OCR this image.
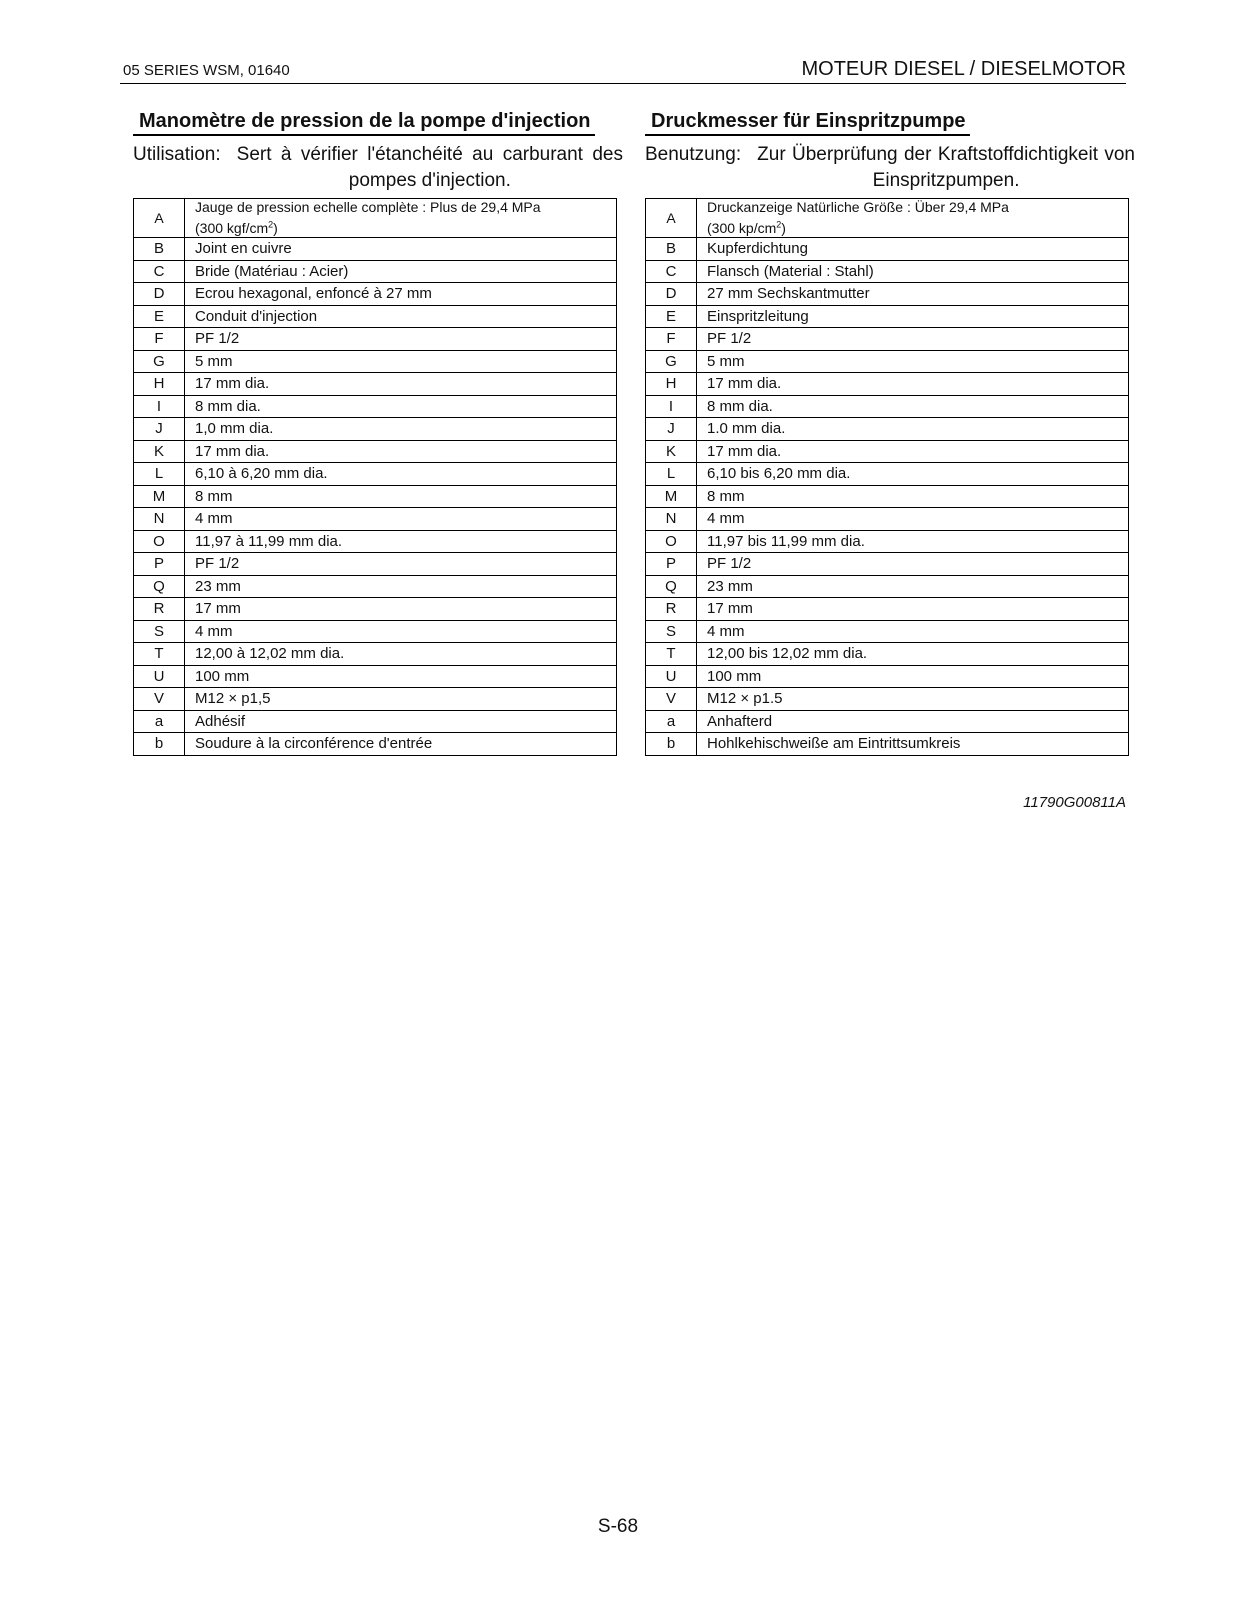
05 SERIES WSM, 01640	MOTEUR DIESEL / DIESELMOTOR
Manomètre de pression de la pompe d'injection
Utilisation: Sert à vérifier l'étanchéité au carburant des pompes d'injection.
A	Jauge de pression echelle complète : Plus de 29,4 MPa
(300 kgf/$cm^2$)
B	Joint en cuivre
C	Bride (Matériau : Acier)
D	Ecrou hexagonal, enfoncé à 27 mm
E	Conduit d'injection
F	PF 1/2
G	5 mm
H	17 mm dia.
I	8 mm dia.
J	1,0 mm dia.
K	17 mm dia.
L	6,10 à 6,20 mm dia.
M	8 mm
N	4 mm
O	11,97 à 11,99 mm dia.
P	PF 1/2
Q	23 mm
R	17 mm
S	4 mm
T	12,00 à 12,02 mm dia.
U	100 mm
V	M12 × p1,5
a	Adhésif
b	Soudure à la circonférence d'entrée
Druckmesser für Einspritzpumpe
Benutzung: Zur Überprüfung der Kraftstoffdichtigkeit von Einspritzpumpen.
A	Druckanzeige Natürliche Größe : Über 29,4 MPa
(300 $kp/cm^2$)
B	Kupferdichtung
C	Flansch (Material : Stahl)
D	27 mm Sechskantmutter
E	Einspritzleitung
F	PF 1/2
G	5 mm
H	17 mm dia.
I	8 mm dia.
J	1.0 mm dia.
K	17 mm dia.
L	6,10 bis 6,20 mm dia.
M	8 mm
N	4 mm
O	11,97 bis 11,99 mm dia.
P	PF 1/2
Q	23 mm
R	17 mm
S	4 mm
T	12,00 bis 12,02 mm dia.
U	100 mm
V	M12 × p1.5
a	Anhafterd
b	Hohlkehischweiße am Eintrittsumkreis
11790G00811A
S-68
